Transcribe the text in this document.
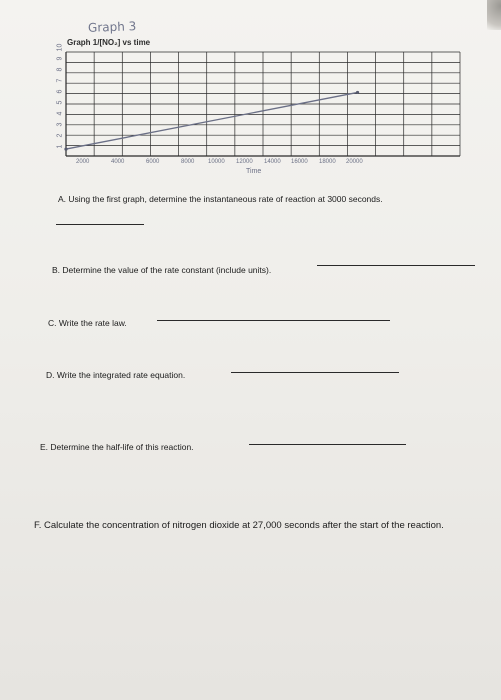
Graph 3
Graph 1/[NO₂] vs time
10
9
8
7
6
5
4
3
2
1
2000	4000	6000	8000 10000 12000 14000 16000 18000 20000
Time
A. Using the first graph, determine the instantaneous rate of reaction at 3000 seconds.
B. Determine the value of the rate constant (include units).
C. Write the rate law.
D. Write the integrated rate equation.
E. Determine the half-life of this reaction.
F. Calculate the concentration of nitrogen dioxide at 27,000 seconds after the start of the reaction.
